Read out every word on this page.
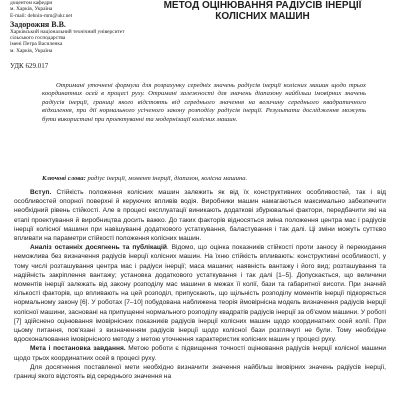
доцентом кафедри
м. Харків, Україна
E-mail: dehnin-mm@ukr.net
Задорожня В.В.
Харківський національний технічний університет
сільського господарства
імені Петра Василенка
м. Харків, Україна
МЕТОД ОЦІНЮВАННЯ РАДІУСІВ ІНЕРЦІЇ КОЛІСНИХ МАШИН
УДК 629.017
Отримані уточнені формули для розрахунку середніх значень радіусів інерції колісних машин щодо трьох координатних осей в процесі руху. Отримані залежності для значень діапазону найбільш імовірних значень радіусів інерції, границі якого відстоять від середнього значення на величину середнього квадратичного відхилення, при дії нормального усіченого закону розподілу радіусів інерції. Результати дослідження можуть бути використані при проектуванні та модернізації колісних машин.
Ключові слова: радіус інерції, момент інерції, діапазон, колісна машина.

Вступ. Стійкість положення колісних машин залежить як від їх конструктивних особливостей, так і від особливостей опорної поверхні й керуючих впливів водія. Виробники машин намагаються максимально забезпечити необхідний рівень стійкості. Але в процесі експлуатації виникають додаткові збурювальні фактори, передбачити які на етапі проектування й виробництва досить важко. До таких факторів відносяться зміна положення центра мас і радіусів інерції колісної машини при навішуванні додаткового устаткування, баластування і так далі. Ці зміни можуть суттєво впливати на параметри стійкості положення колісних машин.

Аналіз останніх досягнень та публікацій. Відомо, що оцінка показників стійкості проти заносу й перекидання неможлива без визначення радіусів інерції колісних машин. На їхню стійкість впливають: конструктивні особливості, у тому числі розташування центра мас і радіуси інерції; маса машини; наявність вантажу і його вид; розташування та надійність закріплення вантажу; установка додаткового устаткування і так далі [1–5]. Допускається, що величини моментів інерції залежать від закону розподілу мас машини в межах її колії, бази та габаритної висоти. При значній кількості факторів, що впливають на цей розподіл, припускають, що щільність розподілу моментів інерції підкоряється нормальному закону [6]. У роботах [7–10] побудована наближена теорія ймовірнісна модель визначення радіусів інерції колісної машини, засновані на припущенні нормального розподілу квадратів радіусів інерції за об'ємом машини. У роботі [7] здійснено оцінювання імовірнісних показників радіусів інерції колісних машин щодо координатних осей колії. При цьому питання, пов'язані з визначенням радіусів інерції щодо колісної бази розглянуті не були. Тому необхідне вдосконалювання імовірнісного методу з метою уточнення характеристик колісних машин у процесі руху.

Мета і постановка завдання. Метою роботи є підвищення точності оцінювання радіусів інерції колісної машини щодо трьох координатних осей в процесі руху.

Для досягнення поставленої мети необхідно визначити значення найбільш імовірних значень радіусів інерції, границі якого відстоять від середнього значення на
